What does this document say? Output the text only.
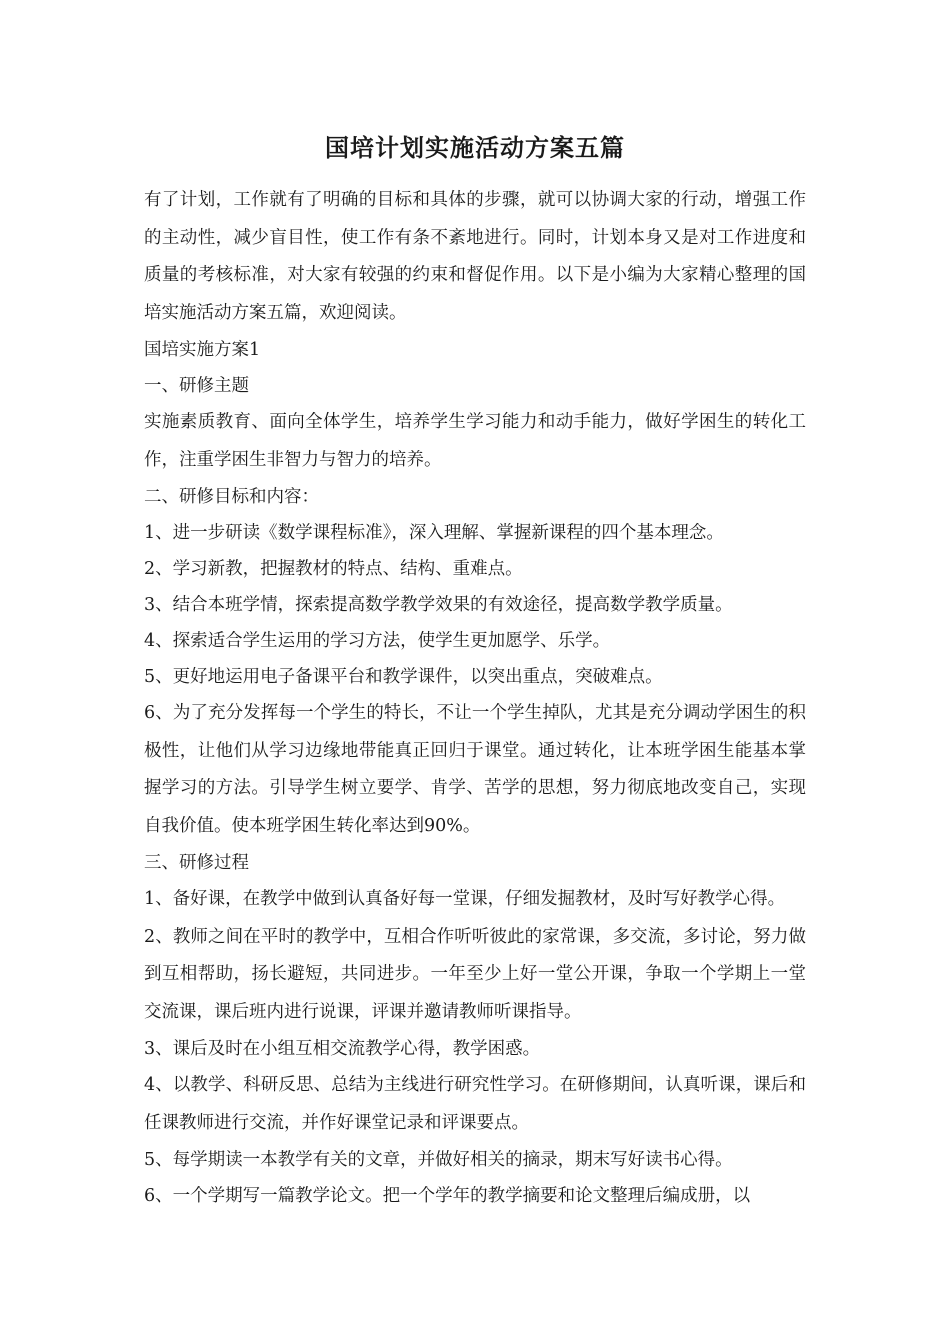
国培计划实施活动方案五篇

有了计划，工作就有了明确的目标和具体的步骤，就可以协调大家的行动，增强工作的主动性，减少盲目性，使工作有条不紊地进行。同时，计划本身又是对工作进度和质量的考核标准，对大家有较强的约束和督促作用。以下是小编为大家精心整理的国培实施活动方案五篇，欢迎阅读。

国培实施方案1

一、研修主题

实施素质教育、面向全体学生，培养学生学习能力和动手能力，做好学困生的转化工作，注重学困生非智力与智力的培养。

二、研修目标和内容：

1、进一步研读《数学课程标准》，深入理解、掌握新课程的四个基本理念。

2、学习新教，把握教材的特点、结构、重难点。

3、结合本班学情，探索提高数学教学效果的有效途径，提高数学教学质量。

4、探索适合学生运用的学习方法，使学生更加愿学、乐学。

5、更好地运用电子备课平台和教学课件，以突出重点，突破难点。

6、为了充分发挥每一个学生的特长，不让一个学生掉队，尤其是充分调动学困生的积极性，让他们从学习边缘地带能真正回归于课堂。通过转化，让本班学困生能基本掌握学习的方法。引导学生树立要学、肯学、苦学的思想，努力彻底地改变自己，实现自我价值。使本班学困生转化率达到90%。

三、研修过程

1、备好课，在教学中做到认真备好每一堂课，仔细发掘教材，及时写好教学心得。

2、教师之间在平时的教学中，互相合作听听彼此的家常课，多交流，多讨论，努力做到互相帮助，扬长避短，共同进步。一年至少上好一堂公开课，争取一个学期上一堂交流课，课后班内进行说课，评课并邀请教师听课指导。

3、课后及时在小组互相交流教学心得，教学困惑。

4、以教学、科研反思、总结为主线进行研究性学习。在研修期间，认真听课，课后和任课教师进行交流，并作好课堂记录和评课要点。

5、每学期读一本教学有关的文章，并做好相关的摘录，期末写好读书心得。

6、一个学期写一篇教学论文。把一个学年的教学摘要和论文整理后编成册，以
